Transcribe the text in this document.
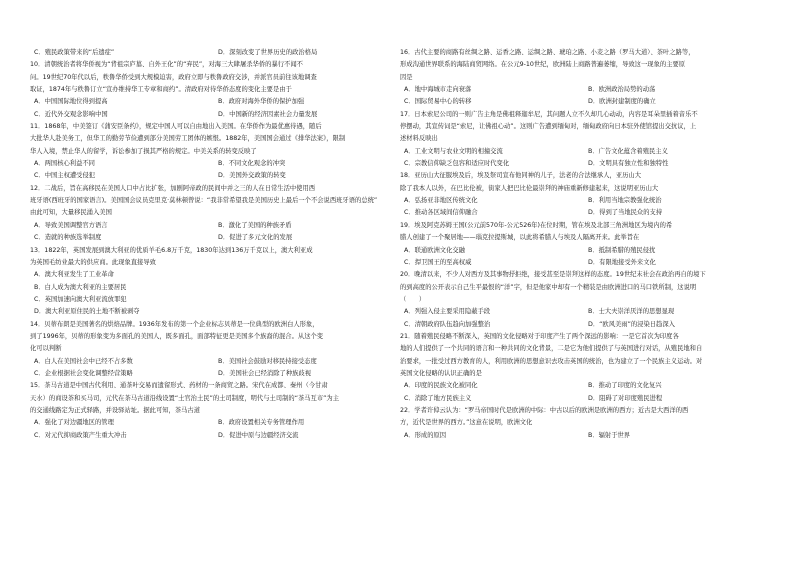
C．殖民政策带来的“后遗症”	D．深刻改变了世界历史的政治格局
10．清朝统治者将华侨视为“背祖宗庐墓、自外王化”的“弃民”，对海三大肆屠杀华侨的暴行不闻不
问。19世纪70年代以后，秩鲁华侨受到大规模迫害，政府立即与秩鲁政府交涉，并派官员前往该地调查
取证，1874年与秩鲁订立“宣办维持华工专章和商约”。清政府对待华侨态度的变化主要是由于
A．中国国际地位得到提高	B．政府对海外华侨的保护加强
C．近代外交观念影响中国	D．中国新的经济因素社会力量发展
11．1868年，中美签订《蒲安臣条约》，规定中国人可以自由地出入美国。在华侨作为最优惠待遇，随后
大批华人赴美务工，但华工的勤劳节俭遭到部分美国劳工团体的嫉恨。1882年，美国国会通过《排华法案》，限制
华人入境，禁止华人的留学，诉讼参加了损其严格的规定。中美关系的转变反映了
A．两国核心利益不同	B．不同文化观念的冲突
C．中国主权遭受侵犯	D．美国外交政策的转变
12．二战后，旨在高移民在美国人口中占比扩张，加剧阿帝政的民间中并之三的人在日常生活中使用西
班牙语(西班牙的国家语言)。美国国会议员克里克·莫林顿曾说：“我非常希望我是美国历史上最后一个不会说西班牙语的总统”
由此可知，大量移民涌入美国
A．导致美国调整官方语言	B．激化了美国的种族矛盾
C．造就的种族选举制度	D．促进了多元文化的发展
13．1822年，英国发展到澳大利亚的优质羊毛6.8万千克，1830年达到136万千克以上，澳大利亚成
为英国毛纺业最大的供应商。此现象直接导致
A．澳大利亚发生了工业革命
B．白人成为澳大利亚的主要居民
C．英国加速向澳大利亚流放罪犯
D．澳大利亚原住民的土地不断被剥夺
14．贝蒂布朗是美国著名的烘焙品牌。1936年发布的第一个企业标志贝蒂是一位典型的欧洲白人形象，
到了1996年，贝蒂的形象变为多面孔的美国人，既多面孔，面部特征更是美国多个族裔的混合。从这个变
化可以判断
A．白人在美国社会中已经不占多数	B．美国社会鼓励对移民持接受态度
C．企业根据社会变化调整经营策略	D．美国社会已经消除了种族歧视
15．茶马古道是中国古代利用、通茶叶交易而遗留形式、药材的一条商贸之路。宋代在成都、秦州（今甘肃
天水）的商设茶和买马司，元代在茶马古道沿线设置“土官治土民”的土司制度，明代与土司制的“茶马互市”为主
的交通线路定为正式驿路，并设驿站址。据此可知，茶马古道
A．强化了对边疆地区的管理	B．政府设置相关专务管理作用
C．对元代抑商政策产生重大冲击	D．促进中原与边疆经济交流
16．古代主要的商路有丝绸之路、运香之路、运绸之路、琥珀之路、小麦之路（罗马大道）、茶叶之路等，
形成沟通世界联系的海陆商贸网络。在公元9-10世纪，欧洲陆上商路普遍萎缩，导致这一现象的主要原
因是
A．地中海城市走向衰落	B．欧洲政治局势的动荡
C．国际贸易中心的转移	D．欧洲封建制度的确立
17．日本索尼公司的一则广告主角是佛祖释迦牟尼，其问题人立不久却几心动动，内容是耳朵里插着音乐不
停摆动，其宣传词是“索尼，让佛祖心动”。这则广告遭到缅甸对，缅甸政府向日本驻外使馆提出交抗议，上
述材料反映出
A．工业文明与农业文明的相撞交流	B．广告文化蕴含着殖民主义
C．宗教信仰缺乏包容和适应时代变化	D．文明具有独立性和独特性
18．亚历山大征服埃及后，埃及祭司宣布他同神的儿子，法老的合法继承人，亚历山大
除了我本人以外，在巴比伦被，街家人把巴比伦最崇拜的神庙重新修建起来，这说明亚历山大
A．弘扬亚非地区传统文化	B．利用当地宗教强化统治
C．推动各区域间信仰融合	D．得到了当地民众的支持
19．埃及阿克苏姆王国(公元前570年-公元526年)在位时期，管在埃及北部三角洲地区为境内的希
腊人创建了一个聚居地——瑙克拉提斯城，以此将希腊人与埃及人隔离开来。此举旨在
A．联通欧洲文化交融	B．抵制希腊的殖民侵扰
C．捍卫国王的至高权威	D．有限地接受外来文化
20．晚清以来，不少人对西方及其事物抒拒绝，接受甚至是崇拜这样的态度。19世纪末社会在政治再自的境下
的到高度的公开表示自己生平最恨的“洋”字，但是他家中却有一个精装是由欧洲进口的马口铁所制，这说明
（　　）
A．列强入侵主要采用隐蔽手段	B．士大夫崇洋厌洋的思想显现
C．清朝政府队伍趋向加强整治	D．“欧风美雨”的浸染日趋深入
21．随着殖民侵略不断深入，英国的文化侵略对于印度产生了两个深远的影响：一是它首次为印度各
地的人们提供了一个共同的语言和一种共同的文化背景，二是它为他们提供了与英国进行对话，从殖民地和自
治要求，一批受过西方教育的人，利用欧洲的思想意识去攻击英国的统治，也为建立了一个民族主义运动。对
英国文化侵略的认识正确的是
A．印度的民族文化被同化	B．推动了印度的文化复兴
C．消除了地方民族主义	D．阻碍了对印度殖民进程
22．学者许倬云认为：“罗马帝国时代是欧洲的中际：中古以后的欧洲是欧洲的西方；近古是大西洋的西
方，近代是世界的西方。”这意在说明，欧洲文化
A．形成的原因	B．辐射于世界
